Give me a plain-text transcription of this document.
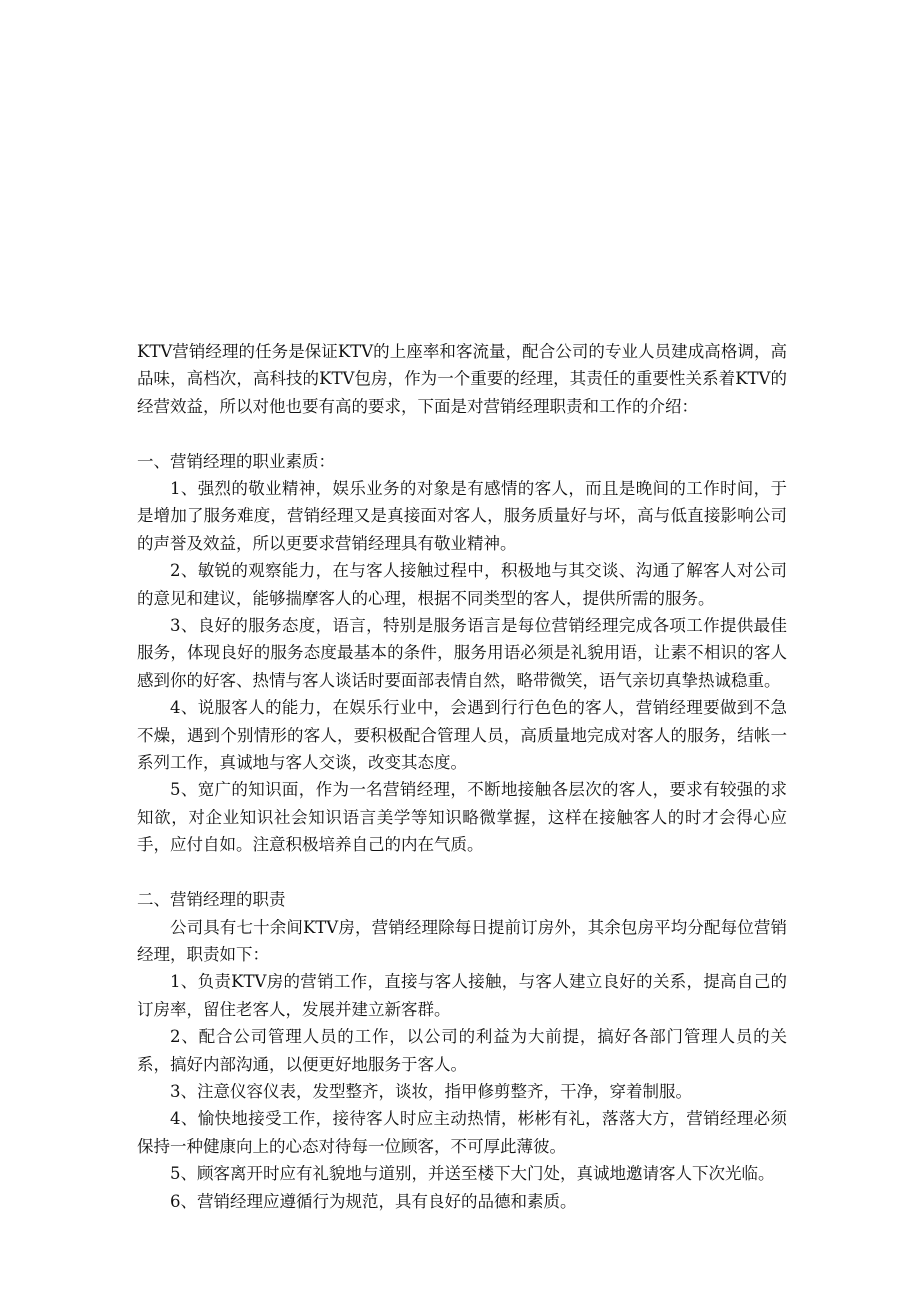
KTV营销经理的任务是保证KTV的上座率和客流量，配合公司的专业人员建成高格调，高品味，高档次，高科技的KTV包房，作为一个重要的经理，其责任的重要性关系着KTV的经营效益，所以对他也要有高的要求，下面是对营销经理职责和工作的介绍：

一、营销经理的职业素质：

1、强烈的敬业精神，娱乐业务的对象是有感情的客人，而且是晚间的工作时间，于是增加了服务难度，营销经理又是真接面对客人，服务质量好与坏，高与低直接影响公司的声誉及效益，所以更要求营销经理具有敬业精神。

2、敏锐的观察能力，在与客人接触过程中，积极地与其交谈、沟通了解客人对公司的意见和建议，能够揣摩客人的心理，根据不同类型的客人，提供所需的服务。

3、良好的服务态度，语言，特别是服务语言是每位营销经理完成各项工作提供最佳服务，体现良好的服务态度最基本的条件，服务用语必须是礼貌用语，让素不相识的客人感到你的好客、热情与客人谈话时要面部表情自然，略带微笑，语气亲切真挚热诚稳重。

4、说服客人的能力，在娱乐行业中，会遇到行行色色的客人，营销经理要做到不急不燥，遇到个别情形的客人，要积极配合管理人员，高质量地完成对客人的服务，结帐一系列工作，真诚地与客人交谈，改变其态度。

5、宽广的知识面，作为一名营销经理，不断地接触各层次的客人，要求有较强的求知欲，对企业知识社会知识语言美学等知识略微掌握，这样在接触客人的时才会得心应手，应付自如。注意积极培养自己的内在气质。

二、营销经理的职责

公司具有七十余间KTV房，营销经理除每日提前订房外，其余包房平均分配每位营销经理，职责如下：

1、负责KTV房的营销工作，直接与客人接触，与客人建立良好的关系，提高自己的订房率，留住老客人，发展并建立新客群。

2、配合公司管理人员的工作，以公司的利益为大前提，搞好各部门管理人员的关系，搞好内部沟通，以便更好地服务于客人。

3、注意仪容仪表，发型整齐，谈妆，指甲修剪整齐，干净，穿着制服。

4、愉快地接受工作，接待客人时应主动热情，彬彬有礼，落落大方，营销经理必须保持一种健康向上的心态对待每一位顾客，不可厚此薄彼。

5、顾客离开时应有礼貌地与道别，并送至楼下大门处，真诚地邀请客人下次光临。

6、营销经理应遵循行为规范，具有良好的品德和素质。
